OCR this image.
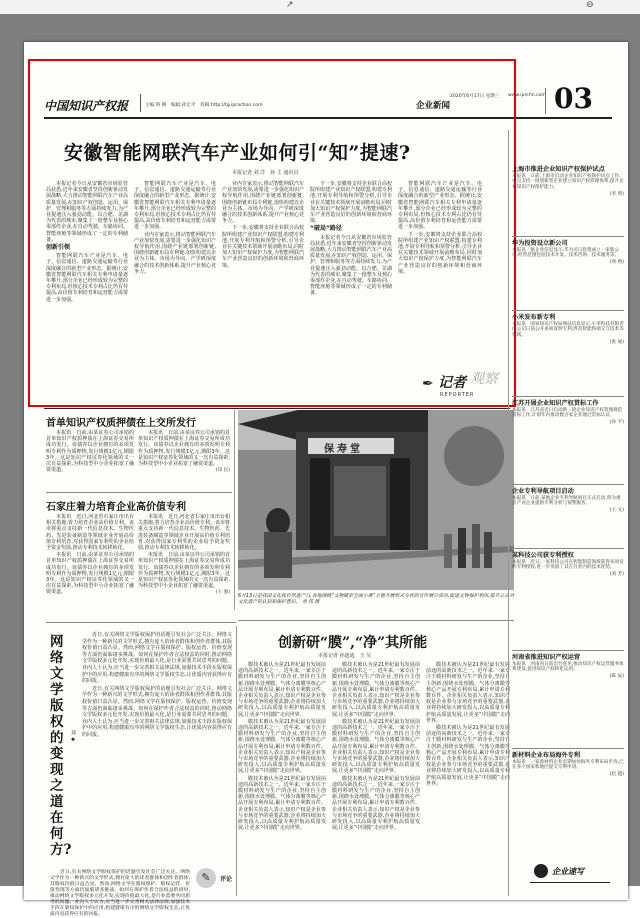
↗	⊖
中国知识产权报	主编:鲁 柳　编辑:孙宏平　投稿:http://tg.ipraction.com
2020年6月17日 星期三 www.iprchn.com
企业新闻	03
安徽智能网联汽车产业如何引“知”提速?
本报记者 刘 洋　孙 主 通讯员

本报记者今日从安徽省市场监管局获悉,近年来安徽省坚持创新驱动发展战略,大力推动智能网联汽车产业高质量发展,在知识产权创造、运用、保护、管理和服务等方面持续发力,为产业提速注入强劲动能。以合肥、芜湖为代表的城市,聚集了一批整车及核心零部件企业,在自动驾驶、车路协同、智能座舱等领域形成了一定的专利储备。

创新引领

智能网联汽车产业是汽车、电子、信息通信、道路交通运输等行业深度融合的新型产业形态。据统计,安徽省智能网联汽车相关专利申请量逐年攀升,部分企业已经形成较为完整的专利布局,但核心技术专利占比仍有待提高,高价值专利培育和运营能力需要进一步加强。

智能网联汽车产业是汽车、电子、信息通信、道路交通运输等行业深度融合的新型产业形态。据统计,安徽省智能网联汽车相关专利申请量逐年攀升,部分企业已经形成较为完整的专利布局,但核心技术专利占比仍有待提高,高价值专利培育和运营能力需要进一步加强。

业内专家表示,推动智能网联汽车产业加快发展,需要进一步强化知识产权导航作用,围绕产业链部署创新链,围绕创新链布局专利链,加快构建以企业为主体、市场为导向、产学研深度融合的技术创新体系,提升产业核心竞争力。

业内专家表示,推动智能网联汽车产业加快发展,需要进一步强化知识产权导航作用,围绕产业链部署创新链,围绕创新链布局专利链,加快构建以企业为主体、市场为导向、产学研深度融合的技术创新体系,提升产业核心竞争力。

下一步,安徽将支持企业联合高校院所组建产业知识产权联盟,构建专利池,开展专利导航和预警分析,引导企业在关键技术领域开展前瞻布局,同时加大知识产权保护力度,为智能网联汽车产业营造良好的创新环境和营商环境。

下一步,安徽将支持企业联合高校院所组建产业知识产权联盟,构建专利池,开展专利导航和预警分析,引导企业在关键技术领域开展前瞻布局,同时加大知识产权保护力度,为智能网联汽车产业营造良好的创新环境和营商环境。

“破局”路径

本报记者今日从安徽省市场监管局获悉,近年来安徽省坚持创新驱动发展战略,大力推动智能网联汽车产业高质量发展,在知识产权创造、运用、保护、管理和服务等方面持续发力,为产业提速注入强劲动能。以合肥、芜湖为代表的城市,聚集了一批整车及核心零部件企业,在自动驾驶、车路协同、智能座舱等领域形成了一定的专利储备。

智能网联汽车产业是汽车、电子、信息通信、道路交通运输等行业深度融合的新型产业形态。据统计,安徽省智能网联汽车相关专利申请量逐年攀升,部分企业已经形成较为完整的专利布局,但核心技术专利占比仍有待提高,高价值专利培育和运营能力需要进一步加强。

下一步,安徽将支持企业联合高校院所组建产业知识产权联盟,构建专利池,开展专利导航和预警分析,引导企业在关键技术领域开展前瞻布局,同时加大知识产权保护力度,为智能网联汽车产业营造良好的创新环境和营商环境。

✒ 记者 观察
REPORTER
首单知识产权质押债在上交所发行

本报讯　日前,由某证券公司承销的首单知识产权质押债在上海证券交易所成功发行。该债券以企业拥有的多项发明专利作为质押物,发行规模1亿元,期限3年。这是知识产权证券化领域的又一次有益探索,为科技型中小企业拓宽了融资渠道。

本报讯　日前,由某证券公司承销的首单知识产权质押债在上海证券交易所成功发行。该债券以企业拥有的多项发明专利作为质押物,发行规模1亿元,期限3年。这是知识产权证券化领域的又一次有益探索,为科技型中小企业拓宽了融资渠道。

(知 民)
石家庄着力培育企业高价值专利

本报讯　近日,河北省石家庄市出台相关措施,着力培育企业高价值专利。该市将重点支持新一代信息技术、生物医药、先进装备制造等领域企业开展高价值专利培育,对获得国家专利奖的企业给予资金奖励,推动专利技术转移转化。

本报讯　日前,由某证券公司承销的首单知识产权质押债在上海证券交易所成功发行。该债券以企业拥有的多项发明专利作为质押物,发行规模1亿元,期限3年。这是知识产权证券化领域的又一次有益探索,为科技型中小企业拓宽了融资渠道。

本报讯　近日,河北省石家庄市出台相关措施,着力培育企业高价值专利。该市将重点支持新一代信息技术、生物医药、先进装备制造等领域企业开展高价值专利培育,对获得国家专利奖的企业给予资金奖励,推动专利技术转移转化。

本报讯　日前,由某证券公司承销的首单知识产权质押债在上海证券交易所成功发行。该债券以企业拥有的多项发明专利作为质押物,发行规模1亿元,期限3年。这是知识产权证券化领域的又一次有益探索,为科技型中小企业拓宽了融资渠道。

(王 强)
保寿堂
6月13日是我国文化和自然遗产日,各地围绕“文物赋彩全面小康”主题开展形式多样的宣传展示活动,促进文物保护利用,提升公众对文化遗产的认知和保护意识。 刘 伟 摄
创新研“膜”,“净”其所能
本报记者 孙迪迪　王 吴

膜技术被认为是21世纪最有发展前途的高新技术之一。近年来,一家专注于膜材料研发与生产的企业,坚持自主创新,围绕水处理膜、气体分离膜等核心产品开展专利布局,累计申请专利数百件。企业相关负责人表示,知识产权是企业参与市场竞争的重要武器,企业将持续加大研发投入,以高质量专利护航高质量发展,让更多“中国膜”走向世界。

膜技术被认为是21世纪最有发展前途的高新技术之一。近年来,一家专注于膜材料研发与生产的企业,坚持自主创新,围绕水处理膜、气体分离膜等核心产品开展专利布局,累计申请专利数百件。企业相关负责人表示,知识产权是企业参与市场竞争的重要武器,企业将持续加大研发投入,以高质量专利护航高质量发展,让更多“中国膜”走向世界。

膜技术被认为是21世纪最有发展前途的高新技术之一。近年来,一家专注于膜材料研发与生产的企业,坚持自主创新,围绕水处理膜、气体分离膜等核心产品开展专利布局,累计申请专利数百件。企业相关负责人表示,知识产权是企业参与市场竞争的重要武器,企业将持续加大研发投入,以高质量专利护航高质量发展,让更多“中国膜”走向世界。

膜技术被认为是21世纪最有发展前途的高新技术之一。近年来,一家专注于膜材料研发与生产的企业,坚持自主创新,围绕水处理膜、气体分离膜等核心产品开展专利布局,累计申请专利数百件。企业相关负责人表示,知识产权是企业参与市场竞争的重要武器,企业将持续加大研发投入,以高质量专利护航高质量发展,让更多“中国膜”走向世界。

膜技术被认为是21世纪最有发展前途的高新技术之一。近年来,一家专注于膜材料研发与生产的企业,坚持自主创新,围绕水处理膜、气体分离膜等核心产品开展专利布局,累计申请专利数百件。企业相关负责人表示,知识产权是企业参与市场竞争的重要武器,企业将持续加大研发投入,以高质量专利护航高质量发展,让更多“中国膜”走向世界。

膜技术被认为是21世纪最有发展前途的高新技术之一。近年来,一家专注于膜材料研发与生产的企业,坚持自主创新,围绕水处理膜、气体分离膜等核心产品开展专利布局,累计申请专利数百件。企业相关负责人表示,知识产权是企业参与市场竞争的重要武器,企业将持续加大研发投入,以高质量专利护航高质量发展,让更多“中国膜”走向世界。

膜技术被认为是21世纪最有发展前途的高新技术之一。近年来,一家专注于膜材料研发与生产的企业,坚持自主创新,围绕水处理膜、气体分离膜等核心产品开展专利布局,累计申请专利数百件。企业相关负责人表示,知识产权是企业参与市场竞争的重要武器,企业将持续加大研发投入,以高质量专利护航高质量发展,让更多“中国膜”走向世界。

膜技术被认为是21世纪最有发展前途的高新技术之一。近年来,一家专注于膜材料研发与生产的企业,坚持自主创新,围绕水处理膜、气体分离膜等核心产品开展专利布局,累计申请专利数百件。企业相关负责人表示,知识产权是企业参与市场竞争的重要武器,企业将持续加大研发投入,以高质量专利护航高质量发展,让更多“中国膜”走向世界。

网络文学版权的变现之道在何方?
郑 ◆

近日,有关网络文学版权保护的话题引发社会广泛关注。网络文学作为一种新兴的文学形式,拥有庞大的读者群体和创作者群体,其版权价值日益凸显。然而,网络文学在版权保护、版权运营、价值变现等方面仍面临诸多挑战。如何在保护作者合法权益的同时,推动网络文学版权多元化开发,实现价值最大化,是行业需要共同思考的问题。业内人士认为,应当进一步完善相关法律法规,加强技术手段在版权保护中的应用,构建健康有序的网络文学版权生态,让优质内容获得应有的回报。

近日,有关网络文学版权保护的话题引发社会广泛关注。网络文学作为一种新兴的文学形式,拥有庞大的读者群体和创作者群体,其版权价值日益凸显。然而,网络文学在版权保护、版权运营、价值变现等方面仍面临诸多挑战。如何在保护作者合法权益的同时,推动网络文学版权多元化开发,实现价值最大化,是行业需要共同思考的问题。业内人士认为,应当进一步完善相关法律法规,加强技术手段在版权保护中的应用,构建健康有序的网络文学版权生态,让优质内容获得应有的回报。

✎	评论

近日,有关网络文学版权保护的话题引发社会广泛关注。网络文学作为一种新兴的文学形式,拥有庞大的读者群体和创作者群体,其版权价值日益凸显。然而,网络文学在版权保护、版权运营、价值变现等方面仍面临诸多挑战。如何在保护作者合法权益的同时,推动网络文学版权多元化开发,实现价值最大化,是行业需要共同思考的问题。业内人士认为,应当进一步完善相关法律法规,加强技术手段在版权保护中的应用,构建健康有序的网络文学版权生态,让优质内容获得应有的回报。

上海市推进企业知识产权保护试点
本报讯　日前,上海市启动企业知识产权保护试点工作,重点支持一批创新型企业建立知识产权管理体系,提升企业知识产权保护能力。
(李 明)
华为投资设立新公司
本报讯　据企业信息显示,华为近日投资成立一家新公司,经营范围包括技术开发、技术咨询、技术服务等。
(周 明)
小米发布新专利
本报讯　国家知识产权局网站信息显示,小米科技有限责任公司日前公开多项发明专利,涉及智能终端交互技术等领域。
(张 通)
江苏开展企业知识产权贯标工作
本报讯　江苏省近日启动新一轮企业知识产权管理规范贯标工作,计划年内推动数百家企业通过贯标认证。
(孙 平)
企业专利导航项目启动
本报讯　日前,某地企业专利导航项目正式启动,将为重点产业企业提供专利分析与预警服务。
(王 文)
某科技公司获专利授权
本报讯　近日,一家科技公司在智能制造领域获得多项发明专利授权,进一步巩固了其在行业内的技术优势。
(刘 芳)
河南省推进知识产权运营
本报讯　河南省日前出台意见,推动知识产权运营服务体系建设,促进知识产权转化运用。
(陈 辰)
新材料企业布局海外专利
本报讯　一家新材料企业近期加快海外专利布局步伐,已在多个国家和地区提交专利申请。
(赵 越)
企业速写
